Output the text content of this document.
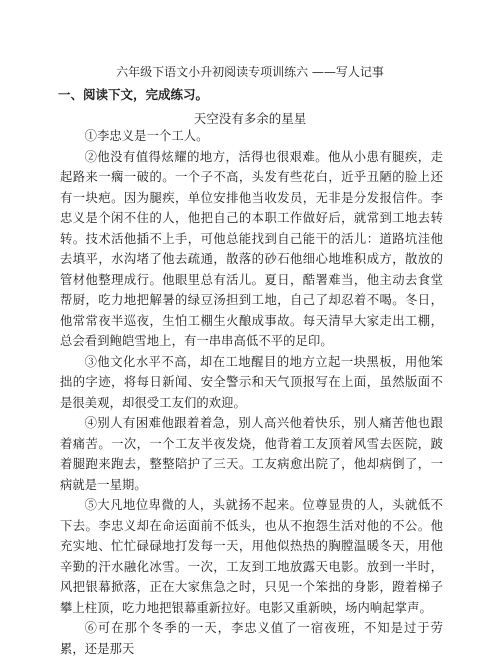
六年级下语文小升初阅读专项训练六 ——写人记事
一、阅读下文，完成练习。
天空没有多余的星星

①李忠义是一个工人。

②他没有值得炫耀的地方，活得也很艰难。他从小患有腿疾，走起路来一瘸一破的。一个子不高，头发有些花白，近乎丑陋的脸上还有一块疤。因为腿疾，单位安排他当收发员，无非是分发报信件。李忠义是个闲不住的人，他把自己的本职工作做好后，就常到工地去转转。技术活他插不上手，可他总能找到自己能干的活儿：道路坑洼他去填平，水沟堵了他去疏通，散落的砂石他细心地堆积成方，散放的管材他整理成行。他眼里总有活儿。夏日，酷署难当，他主动去食堂帮厨，吃力地把解暑的绿豆汤担到工地，自己了却忍着不喝。冬日，他常常夜半巡夜，生怕工棚生火酿成事故。每天清早大家走出工棚，总会看到鲍皑雪地上，有一串串高低不平的足印。

③他文化水平不高，却在工地醒目的地方立起一块黑板，用他笨拙的字迹，将每日新闻、安全警示和天气顶报写在上面，虽然版面不是很美观，却很受工友们的欢迎。

④别人有困难他跟着着急，别人高兴他着快乐，别人痛苦他也跟着痛苦。一次，一个工友半夜发烧，他背着工友顶着风雪去医院，跛着腿跑来跑去，整整陪护了三天。工友病愈出院了，他却病倒了，一病就是一星期。

⑤大凡地位卑微的人，头就扬不起来。位尊显贵的人，头就低不下去。李忠义却在命运面前不低头，也从不抱怨生活对他的不公。他充实地、忙忙碌碌地打发每一天，用他似热热的胸膛温暖冬天，用他辛勤的汗水融化冰雪。一次，工友到工地放露天电影。放到一半时，风把银幕掀落，正在大家焦急之时，只见一个笨拙的身影，蹬着梯子攀上柱顶，吃力地把银幕重新拉好。电影又重新映，场内响起掌声。

⑥可在那个冬季的一天，李忠义值了一宿夜班，不知是过于劳累，还是那天
